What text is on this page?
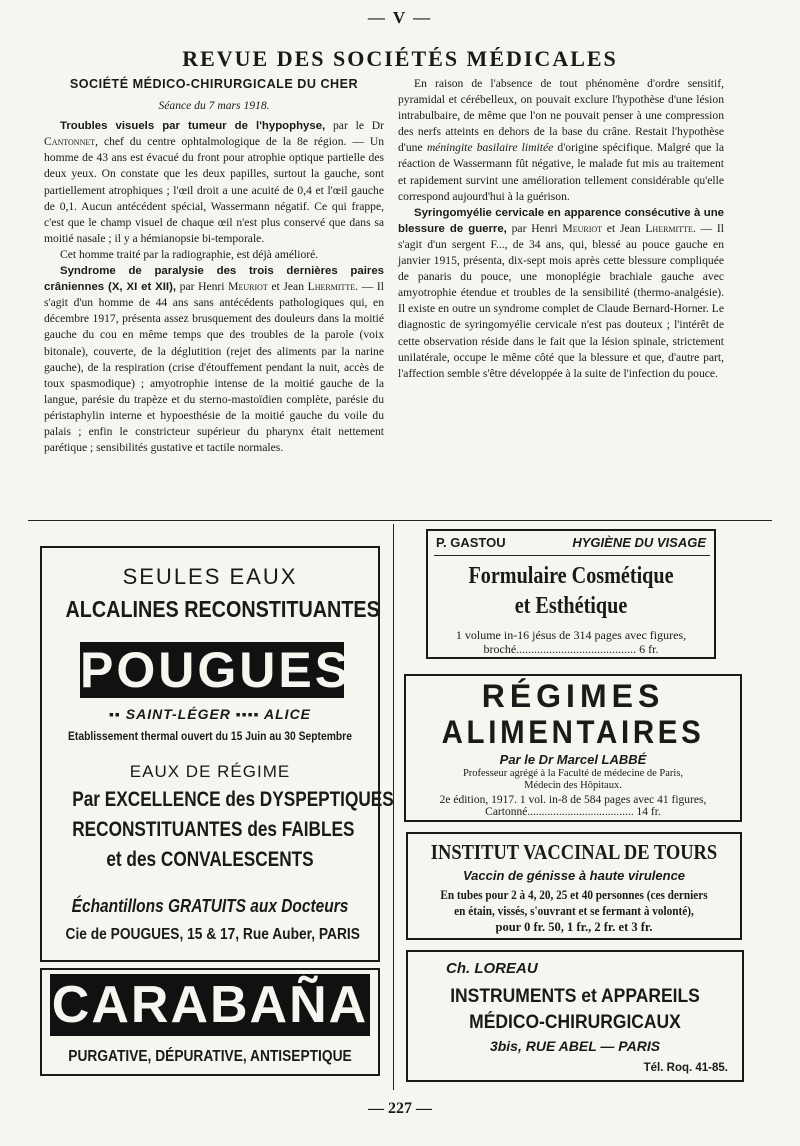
— V —
REVUE DES SOCIÉTÉS MÉDICALES

SOCIÉTÉ MÉDICO-CHIRURGICALE DU CHER

Séance du 7 mars 1918.

Troubles visuels par tumeur de l'hypophyse, par le Dr Cantonnet, chef du centre ophtalmologique de la 8e région. — Un homme de 43 ans est évacué du front pour atrophie optique partielle des deux yeux. On constate que les deux papilles, surtout la gauche, sont partiellement atrophiques ; l'œil droit a une acuité de 0,4 et l'œil gauche de 0,1. Aucun antécédent spécial, Wassermann négatif. Ce qui frappe, c'est que le champ visuel de chaque œil n'est plus conservé que dans sa moitié nasale ; il y a hémianopsie bi-temporale.

Cet homme traité par la radiographie, est déjà amélioré.

Syndrome de paralysie des trois dernières paires crâniennes (X, XI et XII), par Henri Meuriot et Jean Lhermitte. — Il s'agit d'un homme de 44 ans sans antécédents pathologiques qui, en décembre 1917, présenta assez brusquement des douleurs dans la moitié gauche du cou en même temps que des troubles de la parole (voix bitonale), couverte, de la déglutition (rejet des aliments par la narine gauche), de la respiration (crise d'étouffement pendant la nuit, accès de toux spasmodique) ; amyotrophie intense de la moitié gauche de la langue, parésie du trapèze et du sterno-mastoïdien complète, parésie du péristaphylin interne et hypoesthésie de la moitié gauche du voile du palais ; enfin le constricteur supérieur du pharynx était nettement parétique ; sensibilités gustative et tactile normales.

En raison de l'absence de tout phénomène d'ordre sensitif, pyramidal et cérébelleux, on pouvait exclure l'hypothèse d'une lésion intrabulbaire, de même que l'on ne pouvait penser à une compression des nerfs atteints en dehors de la base du crâne. Restait l'hypothèse d'une méningite basilaire limitée d'origine spécifique. Malgré que la réaction de Wassermann fût négative, le malade fut mis au traitement et rapidement survint une amélioration tellement considérable qu'elle correspond aujourd'hui à la guérison.

Syringomyélie cervicale en apparence consécutive à une blessure de guerre, par Henri Meuriot et Jean Lhermitte. — Il s'agit d'un sergent F..., de 34 ans, qui, blessé au pouce gauche en janvier 1915, présenta, dix-sept mois après cette blessure compliquée de panaris du pouce, une monoplégie brachiale gauche avec amyotrophie étendue et troubles de la sensibilité (thermo-analgésie). Il existe en outre un syndrome complet de Claude Bernard-Horner. Le diagnostic de syringomyélie cervicale n'est pas douteux ; l'intérêt de cette observation réside dans le fait que la lésion spinale, strictement unilatérale, occupe le même côté que la blessure et que, d'autre part, l'affection semble s'être développée à la suite de l'infection du pouce.

SEULES EAUX
ALCALINES RECONSTITUANTES
POUGUES
▪▪ SAINT-LÉGER ▪▪▪▪ ALICE
Etablissement thermal ouvert du 15 Juin au 30 Septembre
EAUX DE RÉGIME
Par EXCELLENCE des DYSPEPTIQUES
RECONSTITUANTES des FAIBLES
et des CONVALESCENTS
Échantillons GRATUITS aux Docteurs
Cie de POUGUES, 15 & 17, Rue Auber, PARIS
CARABAÑA
PURGATIVE, DÉPURATIVE, ANTISEPTIQUE
P. GASTOU	HYGIÈNE DU VISAGE
Formulaire Cosmétique
et Esthétique
1 volume in-16 jésus de 314 pages avec figures,
broché........................................ 6 fr.
RÉGIMES
ALIMENTAIRES
Par le Dr Marcel LABBÉ
Professeur agrégé à la Faculté de médecine de Paris,
Médecin des Hôpitaux.
2e édition, 1917. 1 vol. in-8 de 584 pages avec 41 figures,
Cartonné..................................... 14 fr.
INSTITUT VACCINAL DE TOURS
Vaccin de génisse à haute virulence
En tubes pour 2 à 4, 20, 25 et 40 personnes (ces derniers
en étain, vissés, s'ouvrant et se fermant à volonté),
pour 0 fr. 50, 1 fr., 2 fr. et 3 fr.
Ch. LOREAU
INSTRUMENTS et APPAREILS
MÉDICO-CHIRURGICAUX
3bis, RUE ABEL — PARIS
Tél. Roq. 41-85.
— 227 —
